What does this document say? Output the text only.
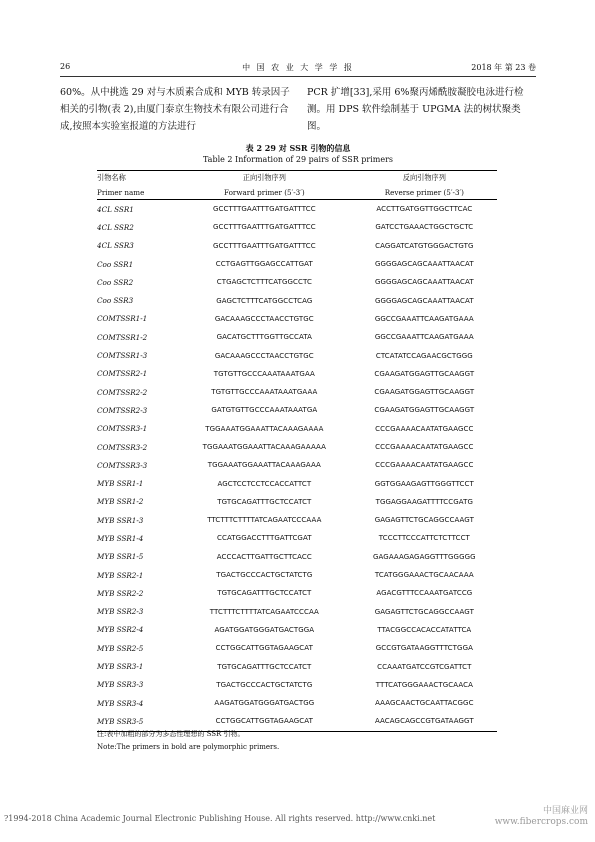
26	中 国 农 业 大 学 学 报	2018 年 第 23 卷
60%。从中挑选 29 对与木质素合成和 MYB 转录因子相关的引物(表 2),由厦门泰京生物技术有限公司进行合成,按照本实验室报道的方法进行
PCR 扩增[33],采用 6%聚丙烯酰胺凝胶电泳进行检测。用 DPS 软件绘制基于 UPGMA 法的树状聚类图。
表 2 29 对 SSR 引物的信息
Table 2 Information of 29 pairs of SSR primers
引物名称	正向引物序列	反向引物序列
Primer name	Forward primer (5′-3′)	Reverse primer (5′-3′)
4CL SSR1	GCCTTTGAATTTGATGATTTCC	ACCTTGATGGTTGGCTTCAC
4CL SSR2	GCCTTTGAATTTGATGATTTCC	GATCCTGAAACTGGCTGCTC
4CL SSR3	GCCTTTGAATTTGATGATTTCC	CAGGATCATGTGGGACTGTG
Coo SSR1	CCTGAGTTGGAGCCATTGAT	GGGGAGCAGCAAATTAACAT
Coo SSR2	CTGAGCTCTTTCATGGCCTC	GGGGAGCAGCAAATTAACAT
Coo SSR3	GAGCTCTTTCATGGCCTCAG	GGGGAGCAGCAAATTAACAT
COMTSSR1-1	GACAAAGCCCTAACCTGTGC	GGCCGAAATTCAAGATGAAA
COMTSSR1-2	GACATGCTTTGGTTGCCATA	GGCCGAAATTCAAGATGAAA
COMTSSR1-3	GACAAAGCCCTAACCTGTGC	CTCATATCCAGAACGCTGGG
COMTSSR2-1	TGTGTTGCCCAAATAAATGAA	CGAAGATGGAGTTGCAAGGT
COMTSSR2-2	TGTGTTGCCCAAATAAATGAAA	CGAAGATGGAGTTGCAAGGT
COMTSSR2-3	GATGTGTTGCCCAAATAAATGA	CGAAGATGGAGTTGCAAGGT
COMTSSR3-1	TGGAAATGGAAATTACAAAGAAAA	CCCGAAAACAATATGAAGCC
COMTSSR3-2	TGGAAATGGAAATTACAAAGAAAAA	CCCGAAAACAATATGAAGCC
COMTSSR3-3	TGGAAATGGAAATTACAAAGAAA	CCCGAAAACAATATGAAGCC
MYB SSR1-1	AGCTCCTCCTCCACCATTCT	GGTGGAAGAGTTGGGTTCCT
MYB SSR1-2	TGTGCAGATTTGCTCCATCT	TGGAGGAAGATTTTCCGATG
MYB SSR1-3	TTCTTTCTTTTATCAGAATCCCAAA	GAGAGTTCTGCAGGCCAAGT
MYB SSR1-4	CCATGGACCTTTGATTCGAT	TCCCTTCCCATTCTCTTCCT
MYB SSR1-5	ACCCACTTGATTGCTTCACC	GAGAAAGAGAGGTTTGGGGG
MYB SSR2-1	TGACTGCCCACTGCTATCTG	TCATGGGAAACTGCAACAAA
MYB SSR2-2	TGTGCAGATTTGCTCCATCT	AGACGTTTCCAAATGATCCG
MYB SSR2-3	TTCTTTCTTTTATCAGAATCCCAA	GAGAGTTCTGCAGGCCAAGT
MYB SSR2-4	AGATGGATGGGATGACTGGA	TTACGGCCACACCATATTCA
MYB SSR2-5	CCTGGCATTGGTAGAAGCAT	GCCGTGATAAGGTTTCTGGA
MYB SSR3-1	TGTGCAGATTTGCTCCATCT	CCAAATGATCCGTCGATTCT
MYB SSR3-3	TGACTGCCCACTGCTATCTG	TTTCATGGGAAACTGCAACA
MYB SSR3-4	AAGATGGATGGGATGACTGG	AAAGCAACTGCAATTACGGC
MYB SSR3-5	CCTGGCATTGGTAGAAGCAT	AACAGCAGCCGTGATAAGGT

注:表中加粗的部分为多态性理想的 SSR 引物。
Note:The primers in bold are polymorphic primers.
?1994-2018 China Academic Journal Electronic Publishing House. All rights reserved. http://www.cnki.net
中国麻业网
www.fibercrops.com
